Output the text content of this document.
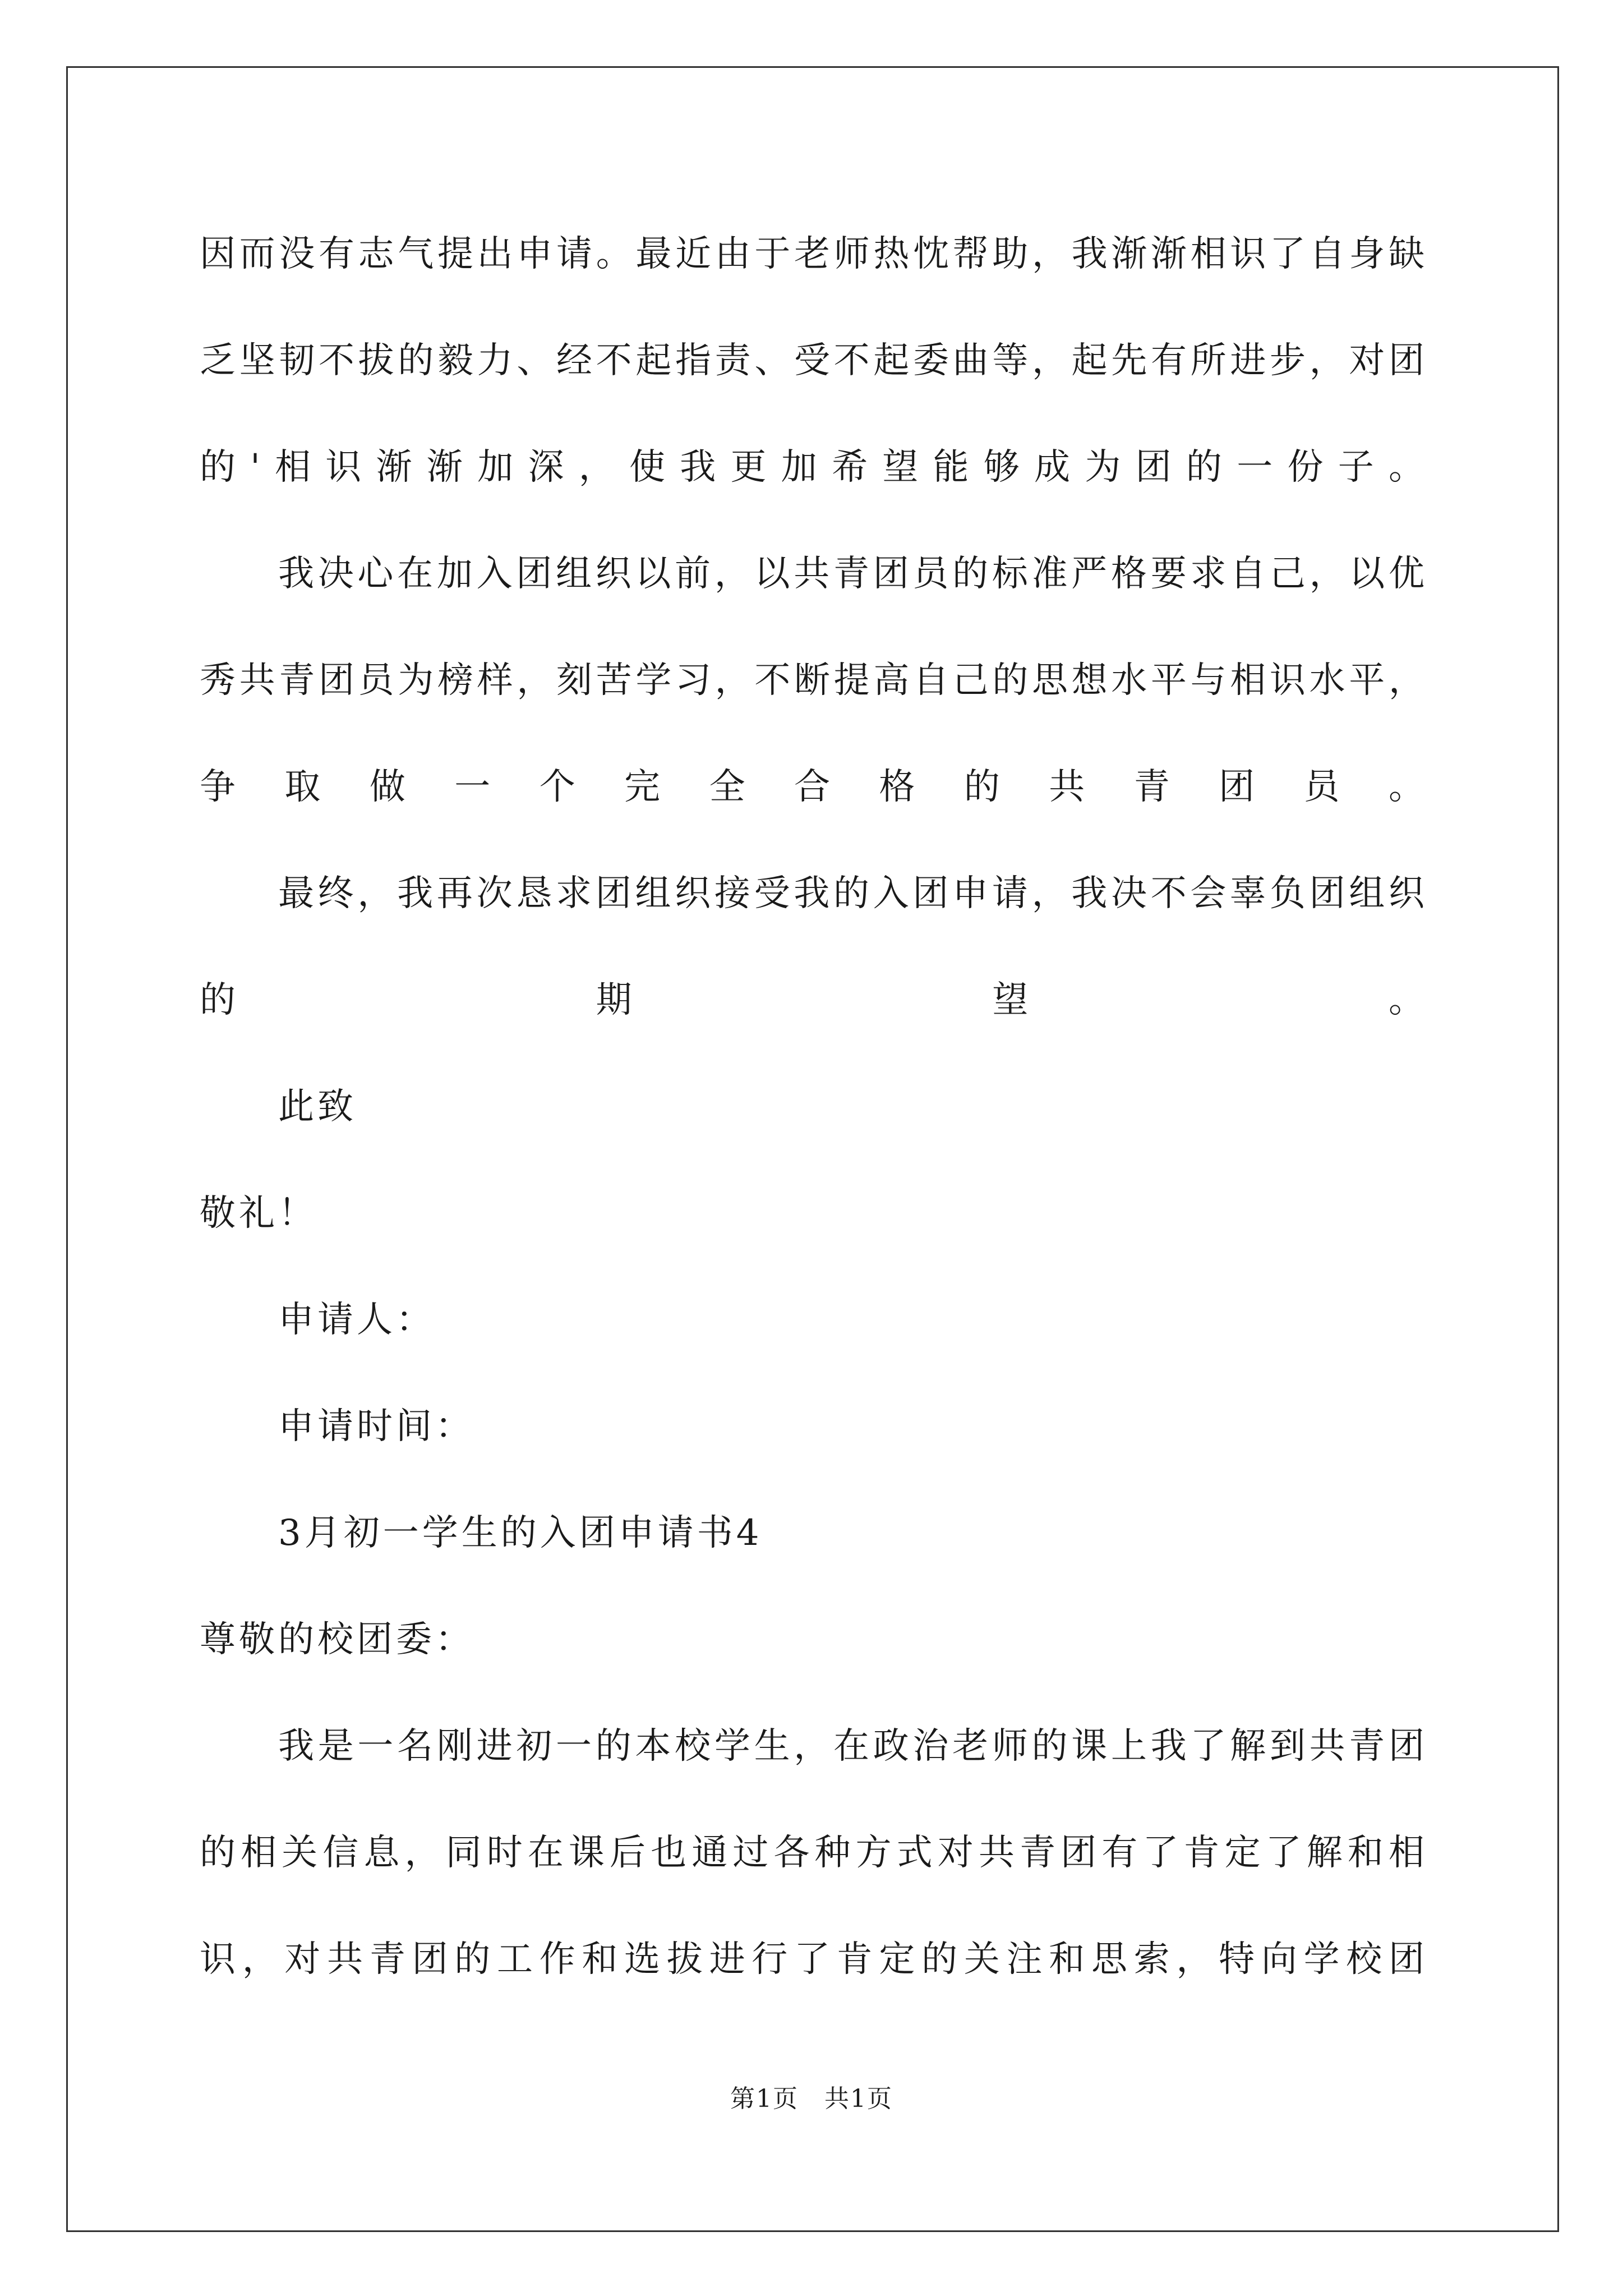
因而没有志气提出申请。最近由于老师热忱帮助，我渐渐相识了自身缺乏坚韧不拔的毅力、经不起指责、受不起委曲等，起先有所进步，对团的'相识渐渐加深，使我更加希望能够成为团的一份子。

我决心在加入团组织以前，以共青团员的标准严格要求自己，以优秀共青团员为榜样，刻苦学习，不断提高自己的思想水平与相识水平，争取做一个完全合格的共青团员。

最终，我再次恳求团组织接受我的入团申请，我决不会辜负团组织的期望。

此致

敬礼！

申请人：

申请时间：

3月初一学生的入团申请书4

尊敬的校团委：

我是一名刚进初一的本校学生，在政治老师的课上我了解到共青团的相关信息，同时在课后也通过各种方式对共青团有了肯定了解和相识，对共青团的工作和选拔进行了肯定的关注和思索，特向学校团

第1页　共1页
